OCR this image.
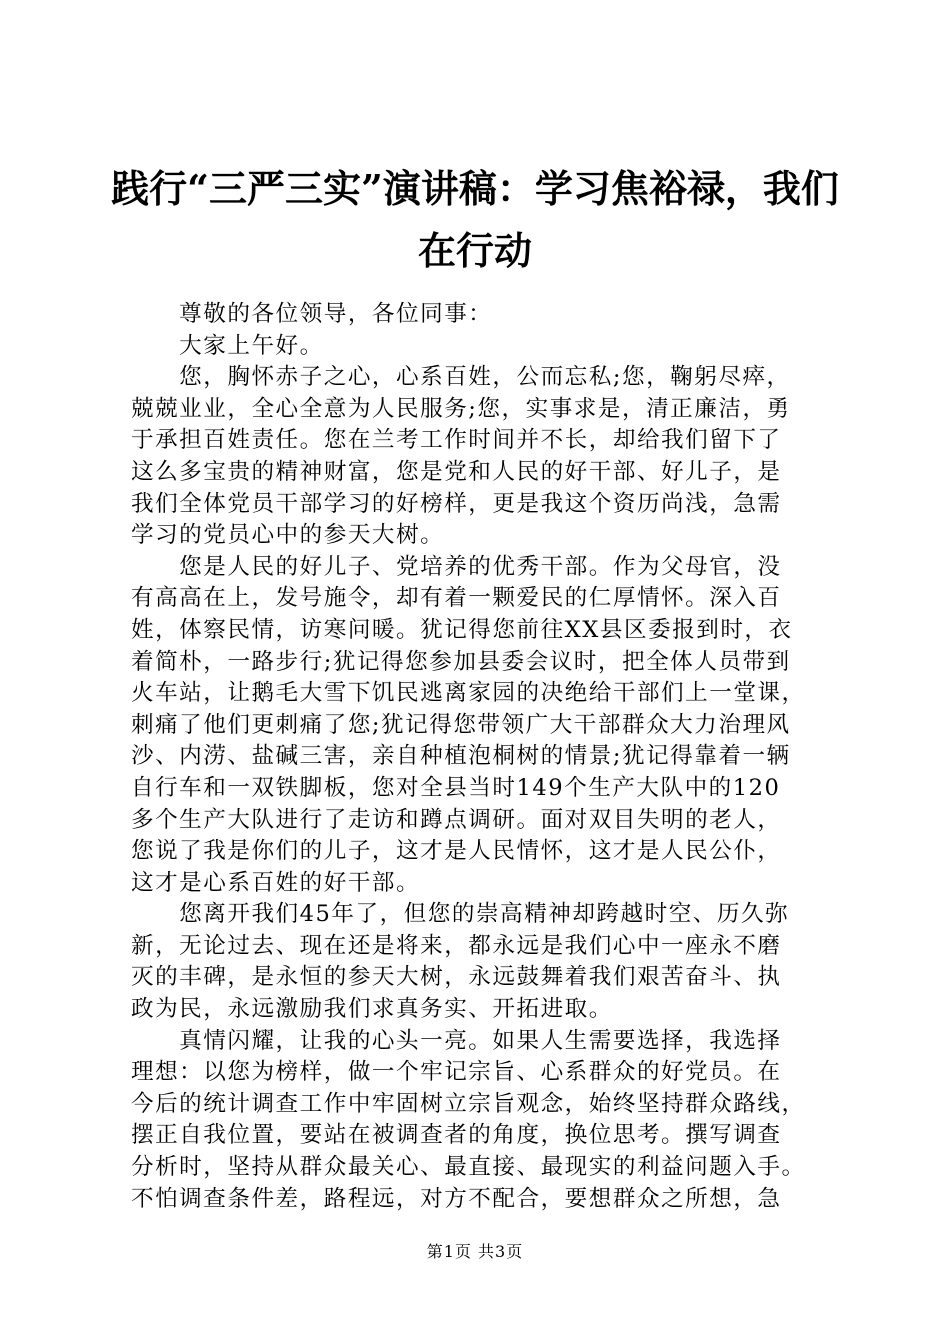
践行“三严三实”演讲稿：学习焦裕禄，我们
在行动
　　尊敬的各位领导，各位同事：
　　大家上午好。
　　您，胸怀赤子之心，心系百姓，公而忘私;您，鞠躬尽瘁，
兢兢业业，全心全意为人民服务;您，实事求是，清正廉洁，勇
于承担百姓责任。您在兰考工作时间并不长，却给我们留下了
这么多宝贵的精神财富，您是党和人民的好干部、好儿子，是
我们全体党员干部学习的好榜样，更是我这个资历尚浅，急需
学习的党员心中的参天大树。
　　您是人民的好儿子、党培养的优秀干部。作为父母官，没
有高高在上，发号施令，却有着一颗爱民的仁厚情怀。深入百
姓，体察民情，访寒问暖。犹记得您前往XX县区委报到时，衣
着简朴，一路步行;犹记得您参加县委会议时，把全体人员带到
火车站，让鹅毛大雪下饥民逃离家园的决绝给干部们上一堂课，
刺痛了他们更刺痛了您;犹记得您带领广大干部群众大力治理风
沙、内涝、盐碱三害，亲自种植泡桐树的情景;犹记得靠着一辆
自行车和一双铁脚板，您对全县当时149个生产大队中的120
多个生产大队进行了走访和蹲点调研。面对双目失明的老人，
您说了我是你们的儿子，这才是人民情怀，这才是人民公仆，
这才是心系百姓的好干部。
　　您离开我们45年了，但您的崇高精神却跨越时空、历久弥
新，无论过去、现在还是将来，都永远是我们心中一座永不磨
灭的丰碑，是永恒的参天大树，永远鼓舞着我们艰苦奋斗、执
政为民，永远激励我们求真务实、开拓进取。
　　真情闪耀，让我的心头一亮。如果人生需要选择，我选择
理想：以您为榜样，做一个牢记宗旨、心系群众的好党员。在
今后的统计调查工作中牢固树立宗旨观念，始终坚持群众路线，
摆正自我位置，要站在被调查者的角度，换位思考。撰写调查
分析时，坚持从群众最关心、最直接、最现实的利益问题入手。
不怕调查条件差，路程远，对方不配合，要想群众之所想，急
第1页 共3页
